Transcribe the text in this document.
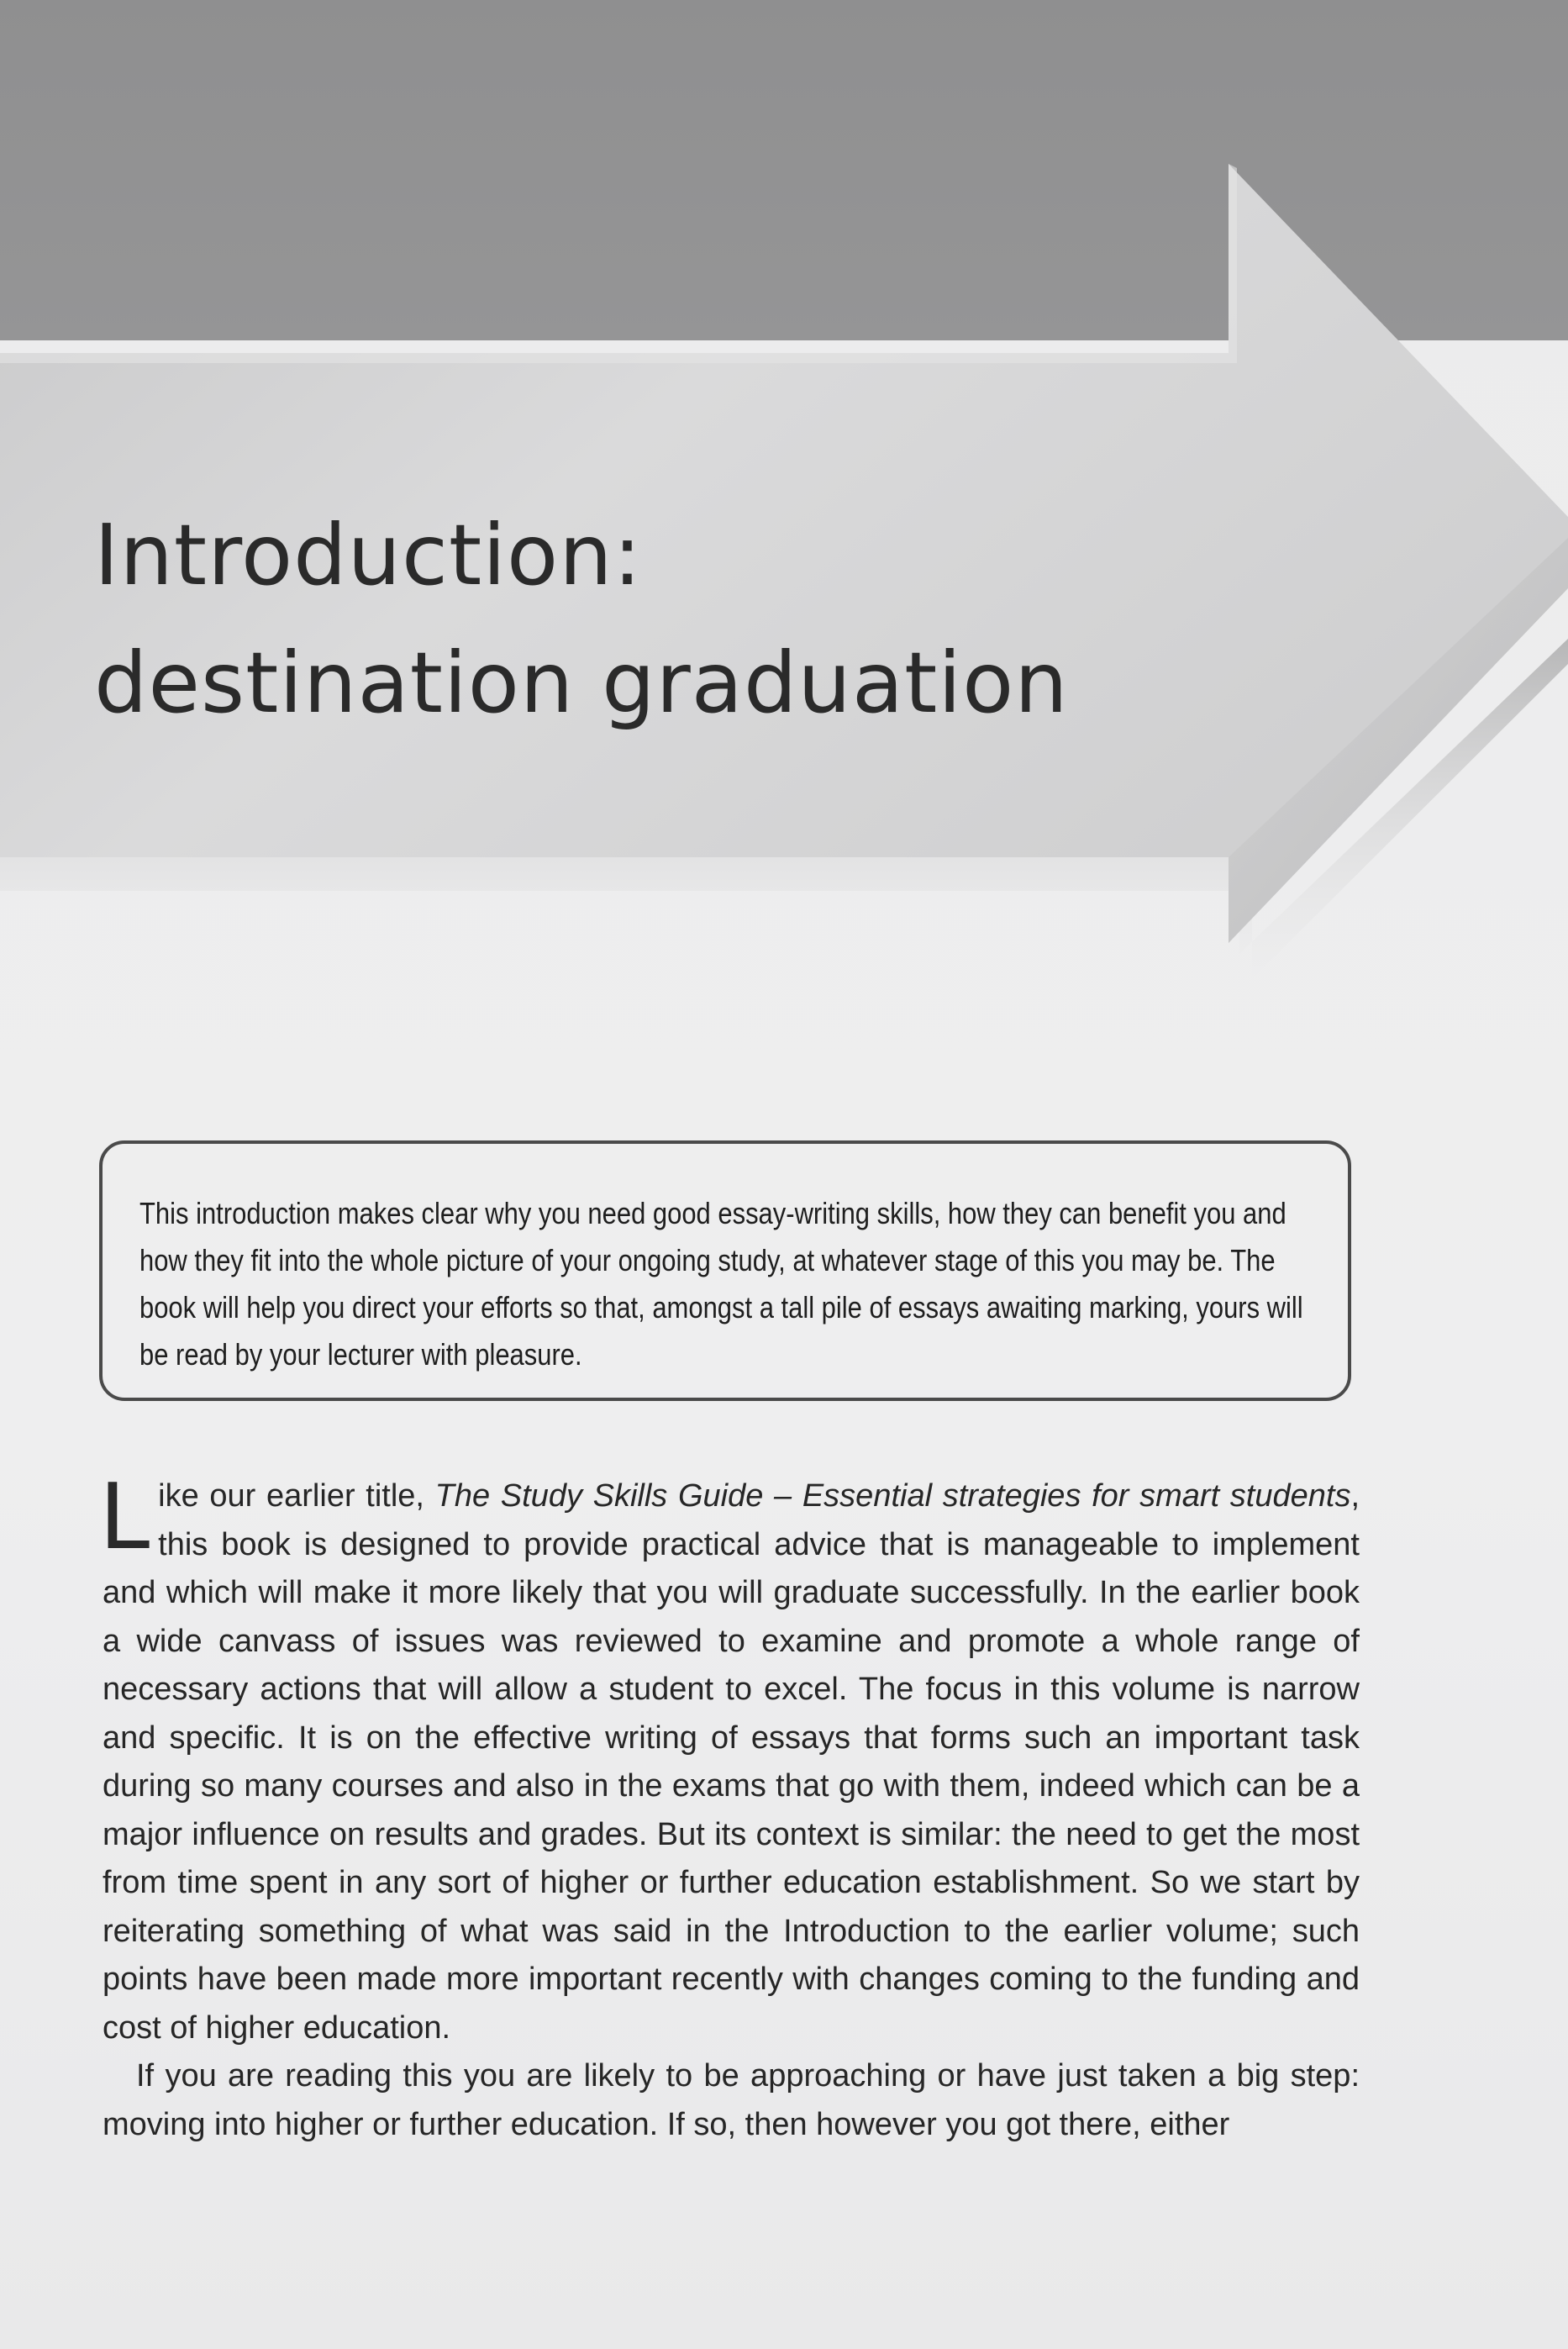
Introduction:
destination graduation

This introduction makes clear why you need good essay-writing skills, how they can benefit you and how they fit into the whole picture of your ongoing study, at whatever stage of this you may be. The book will help you direct your efforts so that, amongst a tall pile of essays awaiting marking, yours will be read by your lecturer with pleasure.

Like our earlier title, The Study Skills Guide – Essential strategies for smart students, this book is designed to provide practical advice that is manageable to implement and which will make it more likely that you will graduate successfully. In the earlier book a wide canvass of issues was reviewed to examine and promote a whole range of necessary actions that will allow a student to excel. The focus in this volume is narrow and specific. It is on the effective writing of essays that forms such an important task during so many courses and also in the exams that go with them, indeed which can be a major influence on results and grades. But its context is similar: the need to get the most from time spent in any sort of higher or further education establishment. So we start by reiterating something of what was said in the Introduction to the earlier volume; such points have been made more important recently with changes coming to the funding and cost of higher education.

If you are reading this you are likely to be approaching or have just taken a big step: moving into higher or further education. If so, then however you got there, either
